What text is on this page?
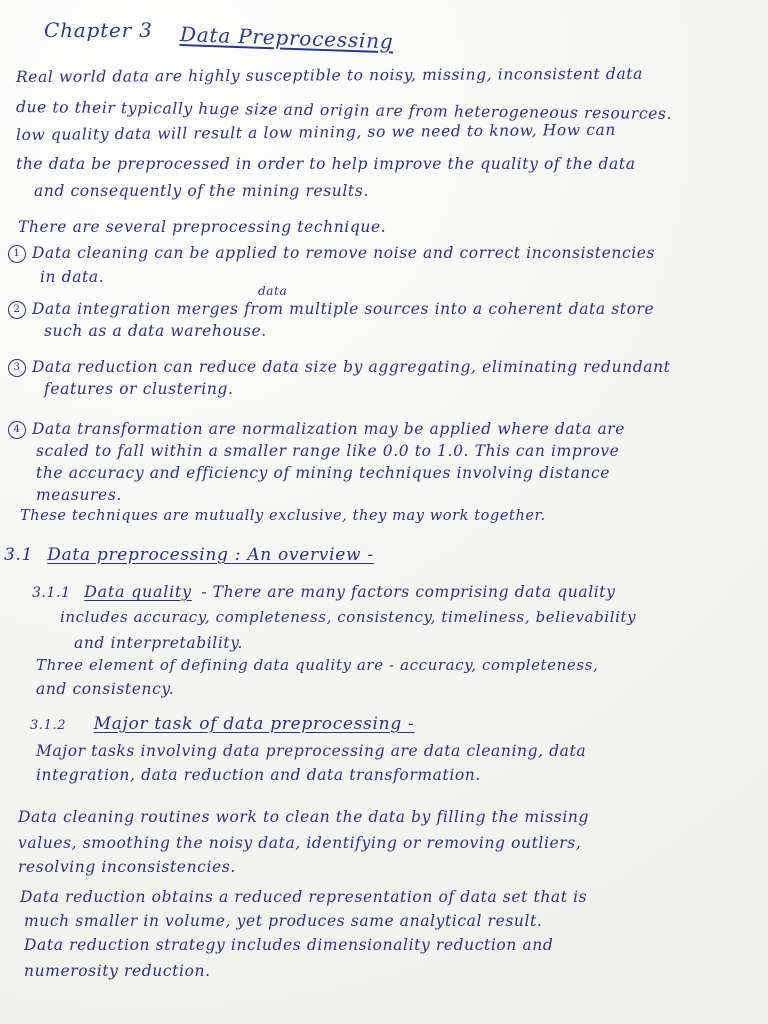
Chapter 3 Data Preprocessing
Real world data are highly susceptible to noisy, missing, inconsistent data
due to their typically huge size and origin are from heterogeneous resources.
low quality data will result a low mining, so we need to know, How can
the data be preprocessed in order to help improve the quality of the data
and consequently of the mining results.
There are several preprocessing technique.
1 Data cleaning can be applied to remove noise and correct inconsistencies
in data.
data
2 Data integration merges from multiple sources into a coherent data store
such as a data warehouse.
3 Data reduction can reduce data size by aggregating, eliminating redundant
features or clustering.
4 Data transformation are normalization may be applied where data are
scaled to fall within a smaller range like 0.0 to 1.0. This can improve
the accuracy and efficiency of mining techniques involving distance
measures.
These techniques are mutually exclusive, they may work together.
3.1 Data preprocessing : An overview -
3.1.1 Data quality - There are many factors comprising data quality
includes accuracy, completeness, consistency, timeliness, believability
and interpretability.
Three element of defining data quality are - accuracy, completeness,
and consistency.
3.1.2 Major task of data preprocessing -
Major tasks involving data preprocessing are data cleaning, data
integration, data reduction and data transformation.
Data cleaning routines work to clean the data by filling the missing
values, smoothing the noisy data, identifying or removing outliers,
resolving inconsistencies.
Data reduction obtains a reduced representation of data set that is
much smaller in volume, yet produces same analytical result.
Data reduction strategy includes dimensionality reduction and
numerosity reduction.
